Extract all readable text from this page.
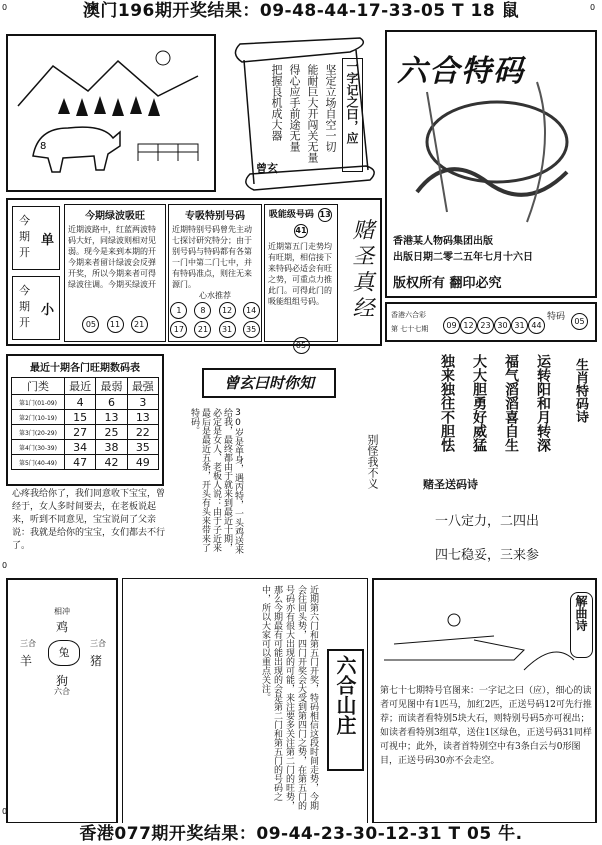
澳门196期开奖结果：09-48-44-17-33-05 T 18 鼠
0	0
8
一字记之曰，应
坚定立场自空一切
能耐巨大开闯关无量
得心应手前途无量
把握良机成大器
曾玄
六合特码
香港某人物码集团出版
出版日期二零二五年七月十六日
版权所有 翻印必究
今期开
单
今期开
小
今期绿波吸旺
近期波路中，红蓝两波特码大好，同绿波则相对见弱。现今是来到本期的开今期来者留计绿波会反弹开奖，所以今期来者可得绿波往调。今期买绿波开
05 11 21
专吸特别号码
近期特别号码曾先主动七探讨研究特分；由于别号码与特码都有各第一门中第二门七中，并有特码准点，则往无来源门。
心水推荐
1 8 12 14 17 21 31 35
吸能级号码 1341
近期第五门走势均有旺期，相信接下来特码必适会有旺之势，可重点力推此门。可得此门的吸能组组号码。
05
赌圣真经	香港六合彩
第 七十七期	09 12 23 30 31 44
特码	05
生肖特码诗
运转阳和月转深
福气滔滔喜自生
大大胆勇好威猛
独来独往不胆怯
赌圣送码诗
一八定力，二四出
四七稳妥，三来参
最近十期各门旺期数码表
门类	最近	最弱	最强
第1门(01-09)	4	6	3
第2门(10-19)	15	13	13
第3门(20-29)	27	25	22
第4门(30-39)	34	38	35
第5门(40-49)	47	42	49
0
曾玄曰时你知
30岁是单身，遇丙特，一头鸡送来给我，最终都由于就来到最近十期，必定是女人、老板人说：由于子近来最后是最近五条，开头有头来带来了特码。
别怪我不义
心疼我给你了，我们同意收下宝宝，曾经于，女人多时间要去，在老板说起来，听到不同意见，宝宝说问了父亲说：我就是给你的宝宝，女们都去不行了。
相冲
鸡
三合
羊
三合
猪
兔
狗
六合
0
近期第六门和第五门开奖，特码相信这段时间走势，今期会往回头势，四门开奖会大受到第四门之势，在第五门的号码亦有很大出现的可能，来注要多关注第二门的旺势，那么今期最有可能出现的会是第二门和第五门的号码之中，所以大家可以重点关注。	六合山庄
解曲诗
第七十七期特号官图来：一字记之曰（应），细心的读者可见图中有1匹马，加红2匹，正送号码12可先行推荐；而读者看特别5块大石，则特别号码5亦可视出；如读者看特别3组草，送住1区绿色，正送号码31同样可视中；此外，读者首特别空中有3条白云与0形图目，正送号码30亦不会走空。
香港077期开奖结果：09-44-23-30-12-31 T 05 牛.
